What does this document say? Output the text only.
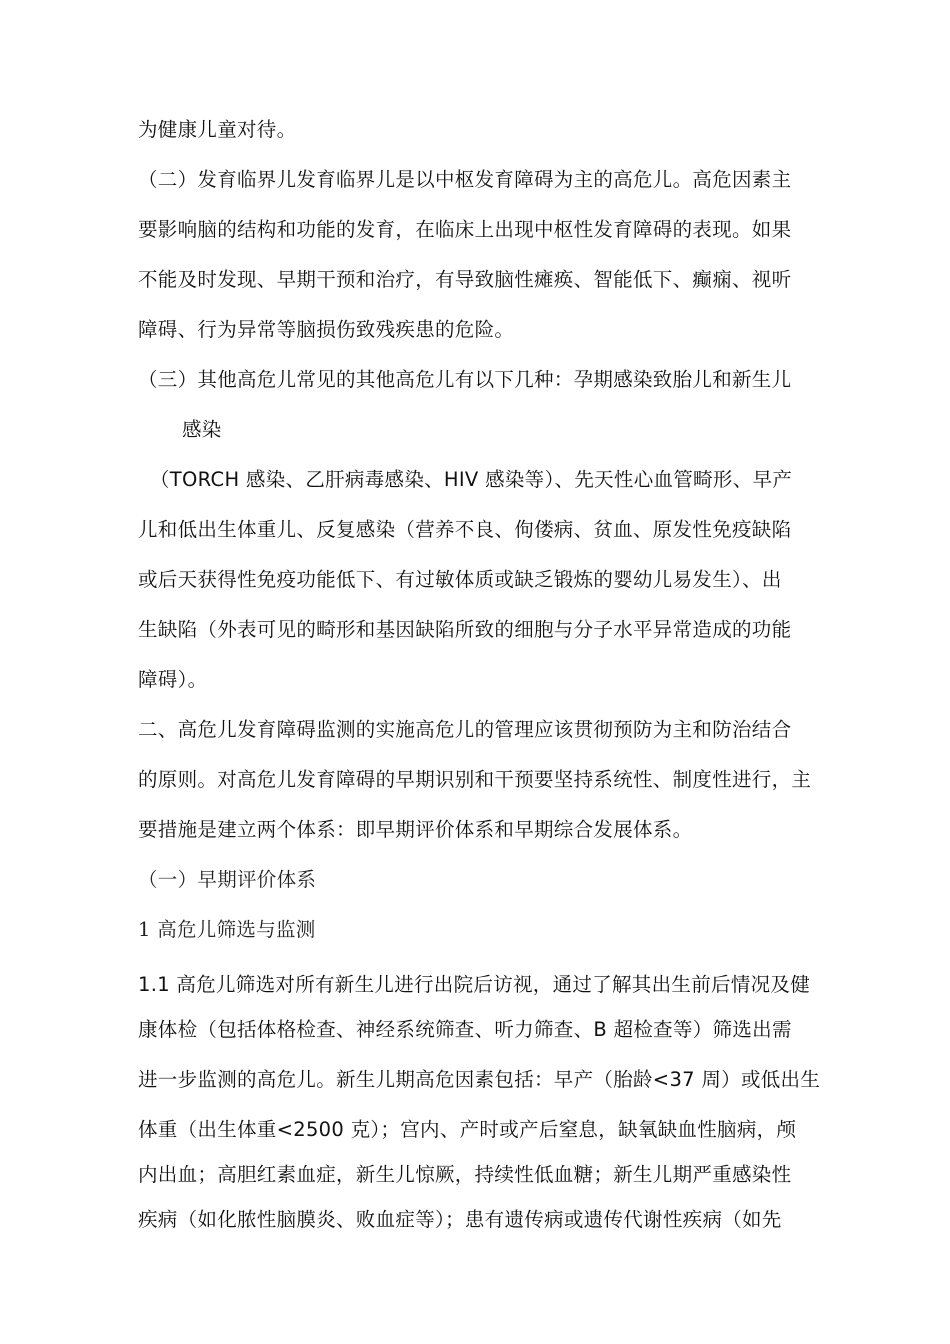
为健康儿童对待。
（二）发育临界儿发育临界儿是以中枢发育障碍为主的高危儿。高危因素主
要影响脑的结构和功能的发育，在临床上出现中枢性发育障碍的表现。如果
不能及时发现、早期干预和治疗，有导致脑性瘫痪、智能低下、癫痫、视听
障碍、行为异常等脑损伤致残疾患的危险。
（三）其他高危儿常见的其他高危儿有以下几种：孕期感染致胎儿和新生儿
感染
（TORCH 感染、乙肝病毒感染、HIV 感染等）、先天性心血管畸形、早产
儿和低出生体重儿、反复感染（营养不良、佝偻病、贫血、原发性免疫缺陷
或后天获得性免疫功能低下、有过敏体质或缺乏锻炼的婴幼儿易发生）、出
生缺陷（外表可见的畸形和基因缺陷所致的细胞与分子水平异常造成的功能
障碍）。
二、高危儿发育障碍监测的实施高危儿的管理应该贯彻预防为主和防治结合
的原则。对高危儿发育障碍的早期识别和干预要坚持系统性、制度性进行，主
要措施是建立两个体系：即早期评价体系和早期综合发展体系。
（一）早期评价体系
1 高危儿筛选与监测
1.1 高危儿筛选对所有新生儿进行出院后访视，通过了解其出生前后情况及健
康体检（包括体格检查、神经系统筛查、听力筛查、B 超检查等）筛选出需
进一步监测的高危儿。新生儿期高危因素包括：早产（胎龄<37 周）或低出生
体重（出生体重<2500 克）；宫内、产时或产后窒息，缺氧缺血性脑病，颅
内出血；高胆红素血症，新生儿惊厥，持续性低血糖；新生儿期严重感染性
疾病（如化脓性脑膜炎、败血症等）；患有遗传病或遗传代谢性疾病（如先
